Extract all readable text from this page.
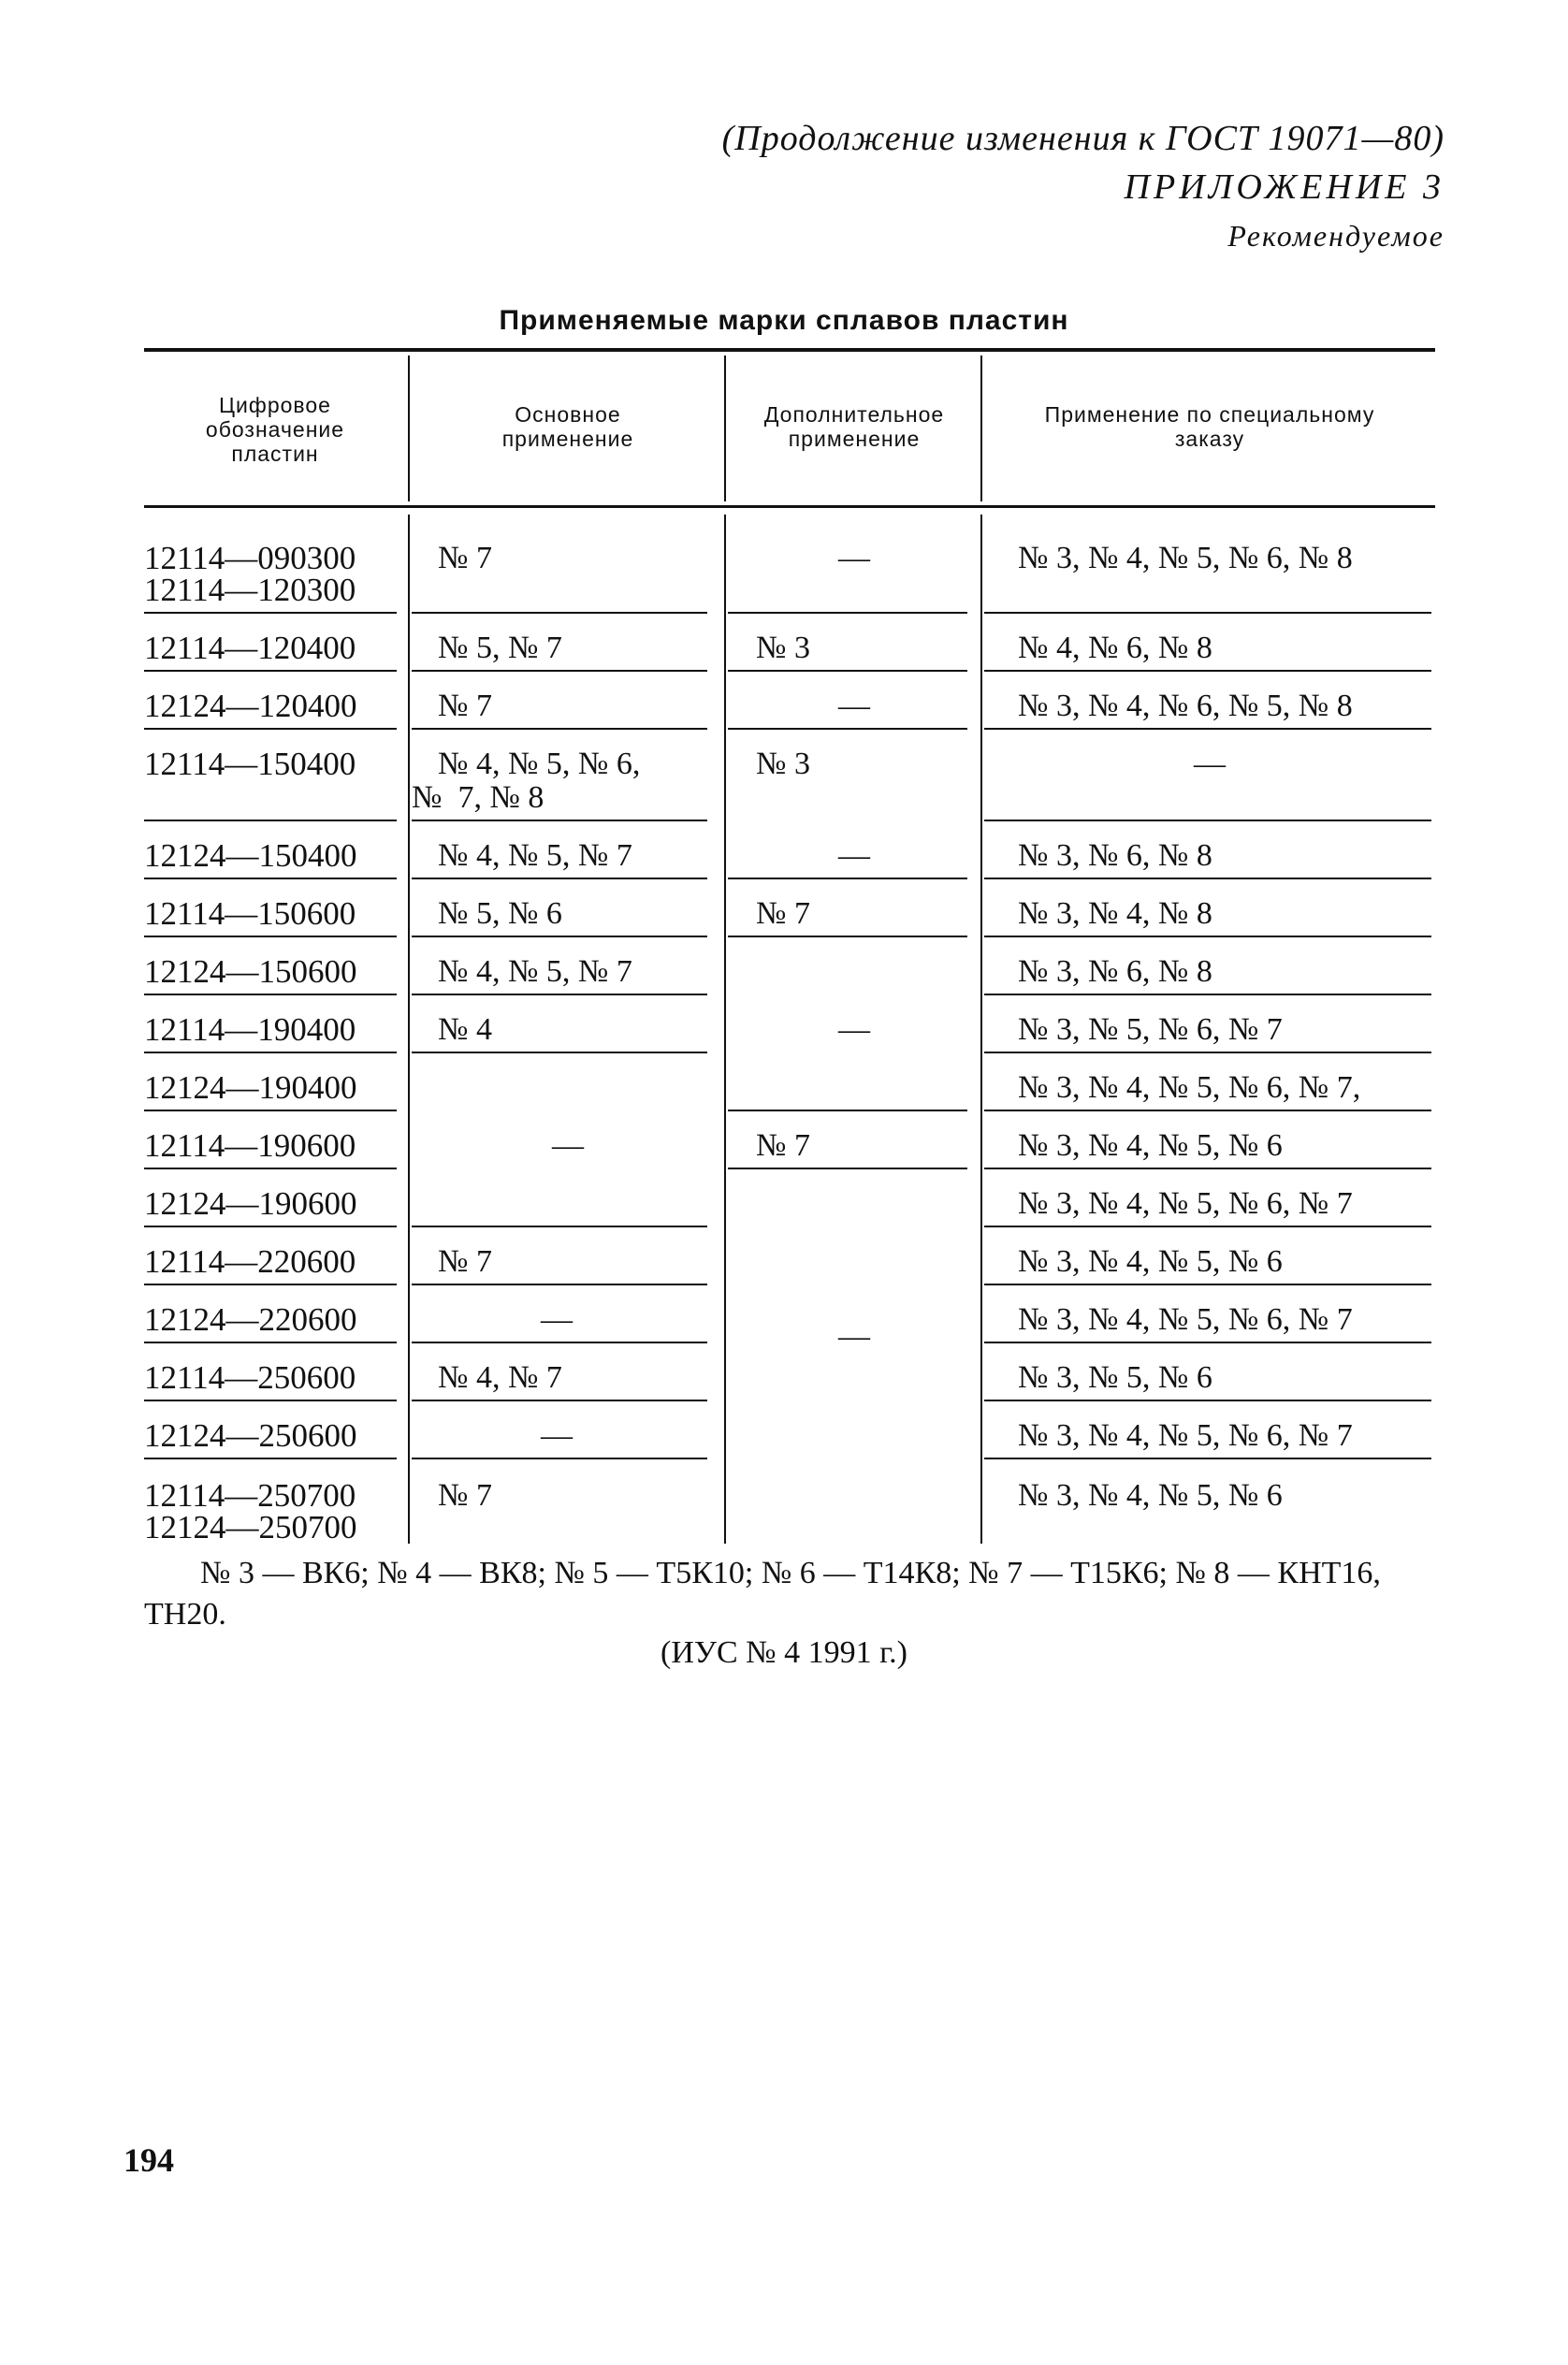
(Продолжение изменения к ГОСТ 19071—80)
ПРИЛОЖЕНИЕ 3
Рекомендуемое
Применяемые марки сплавов пластин
Цифровое
обозначение
пластин
Основное
применение
Дополнительное
применение
Применение по специальному
заказу
12114—090300
12114—120300
12114—120400
12124—120400
12114—150400
12124—150400
12114—150600
12124—150600
12114—190400
12124—190400
12114—190600
12124—190600
12114—220600
12124—220600
12114—250600
12124—250600
12114—250700
12124—250700
№ 7
№ 5, № 7
№ 7
№ 4, № 5, № 6,
№  7, № 8
№ 4, № 5, № 7
№ 5, № 6
№ 4, № 5, № 7
№ 4
—
№ 7
—
№ 4, № 7
—
№ 7
—
№ 3
—
№ 3
—
№ 7
—
№ 7
—
№ 3, № 4, № 5, № 6, № 8
№ 4, № 6, № 8
№ 3, № 4, № 6, № 5, № 8
—
№ 3, № 6, № 8
№ 3, № 4, № 8
№ 3, № 6, № 8
№ 3, № 5, № 6, № 7
№ 3, № 4, № 5, № 6, № 7,
№ 3, № 4, № 5, № 6
№ 3, № 4, № 5, № 6, № 7
№ 3, № 4, № 5, № 6
№ 3, № 4, № 5, № 6, № 7
№ 3, № 5, № 6
№ 3, № 4, № 5, № 6, № 7
№ 3, № 4, № 5, № 6
№ 3 — ВК6; № 4 — ВК8; № 5 — Т5К10; № 6 — Т14К8; № 7 — Т15К6; № 8 — КНТ16, ТН20.
(ИУС № 4 1991 г.)
194
